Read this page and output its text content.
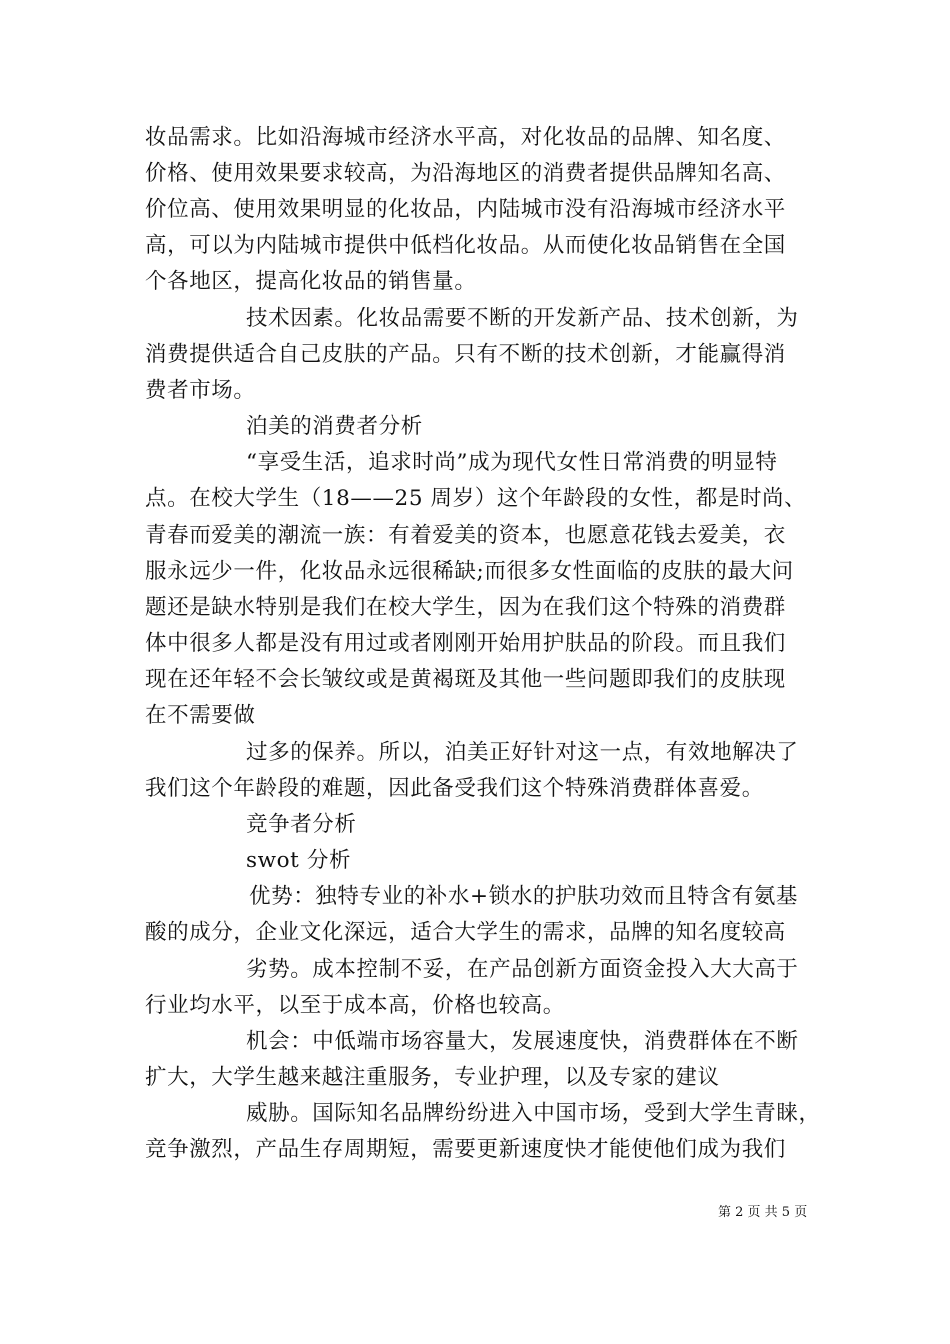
妆品需求。比如沿海城市经济水平高，对化妆品的品牌、知名度、
价格、使用效果要求较高，为沿海地区的消费者提供品牌知名高、
价位高、使用效果明显的化妆品，内陆城市没有沿海城市经济水平
高，可以为内陆城市提供中低档化妆品。从而使化妆品销售在全国
个各地区，提高化妆品的销售量。
技术因素。化妆品需要不断的开发新产品、技术创新，为
消费提供适合自己皮肤的产品。只有不断的技术创新，才能赢得消
费者市场。
泊美的消费者分析
“享受生活，追求时尚”成为现代女性日常消费的明显特
点。在校大学生（18——25 周岁）这个年龄段的女性，都是时尚、
青春而爱美的潮流一族：有着爱美的资本，也愿意花钱去爱美，衣
服永远少一件，化妆品永远很稀缺;而很多女性面临的皮肤的最大问
题还是缺水特别是我们在校大学生，因为在我们这个特殊的消费群
体中很多人都是没有用过或者刚刚开始用护肤品的阶段。而且我们
现在还年轻不会长皱纹或是黄褐斑及其他一些问题即我们的皮肤现
在不需要做
过多的保养。所以，泊美正好针对这一点，有效地解决了
我们这个年龄段的难题，因此备受我们这个特殊消费群体喜爱。
竞争者分析
swot 分析
优势：独特专业的补水+锁水的护肤功效而且特含有氨基
酸的成分，企业文化深远，适合大学生的需求，品牌的知名度较高
劣势。成本控制不妥，在产品创新方面资金投入大大高于
行业均水平，以至于成本高，价格也较高。
机会：中低端市场容量大，发展速度快，消费群体在不断
扩大，大学生越来越注重服务，专业护理，以及专家的建议
威胁。国际知名品牌纷纷进入中国市场，受到大学生青睐，
竞争激烈，产品生存周期短，需要更新速度快才能使他们成为我们
第 2 页 共 5 页
